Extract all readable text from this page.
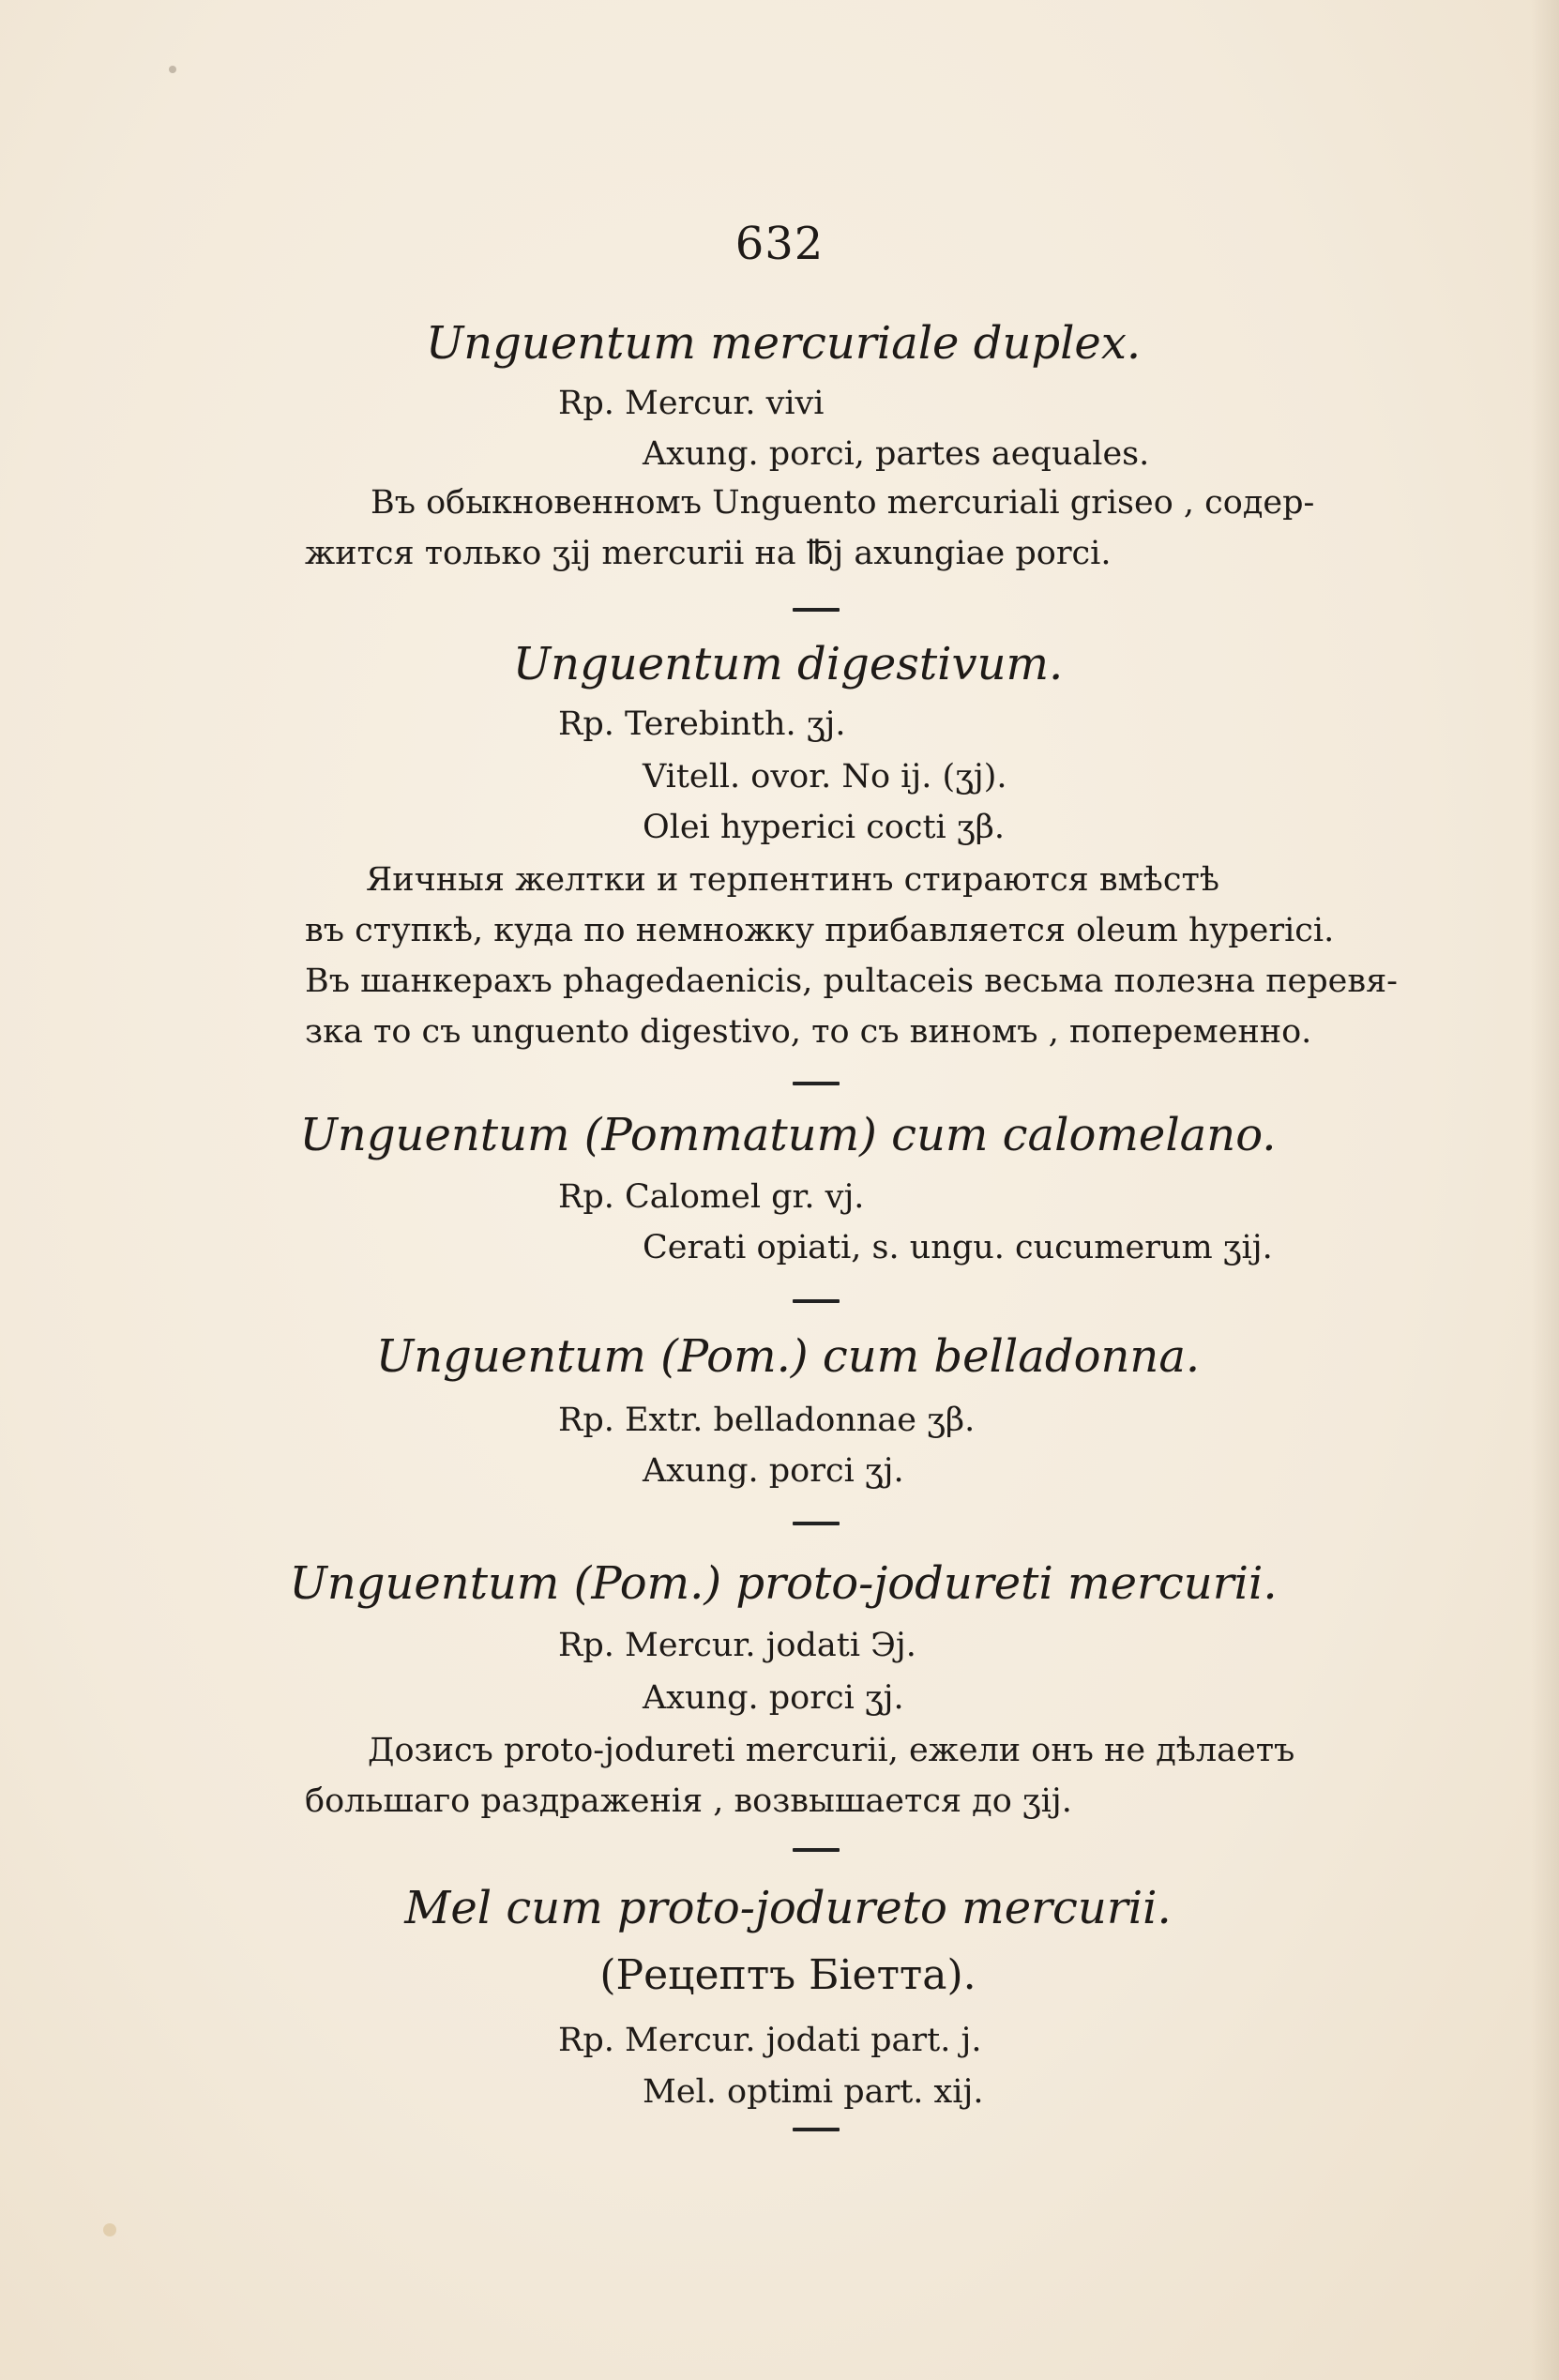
632
Unguentum mercuriale duplex.
Rp. Mercur. vivi
Axung. porci, partes aequales.
Въ обыкновенномъ Unguento mercuriali griseo , содер-
жится только ʒij mercurii на ℔j axungiae porci.
Unguentum digestivum.
Rp. Terebinth. ʒj.
Vitell. ovor. No ij. (ʒj).
Olei hyperici cocti ʒβ.
Яичныя желтки и терпентинъ стираются вмѣстѣ
въ ступкѣ, куда по немножку прибавляется oleum hyperici.
Въ шанкерахъ phagedaenicis, pultaceis весьма полезна перевя-
зка то съ unguento digestivo, то съ виномъ , попеременно.
Unguentum (Pommatum) cum calomelano.
Rp. Calomel gr. vj.
Cerati opiati, s. ungu. cucumerum ʒij.
Unguentum (Pom.) cum belladonna.
Rp. Extr. belladonnae ʒβ.
Axung. porci ʒj.
Unguentum (Pom.) proto-jodureti mercurii.
Rp. Mercur. jodati Эj.
Axung. porci ʒj.
Дозисъ proto-jodureti mercurii, ежели онъ не дѣлаетъ
большаго раздраженія , возвышается до ʒij.
Mel cum proto-jodureto mercurii.
(Рецептъ Біетта).
Rp. Mercur. jodati part. j.
Mel. optimi part. xij.
